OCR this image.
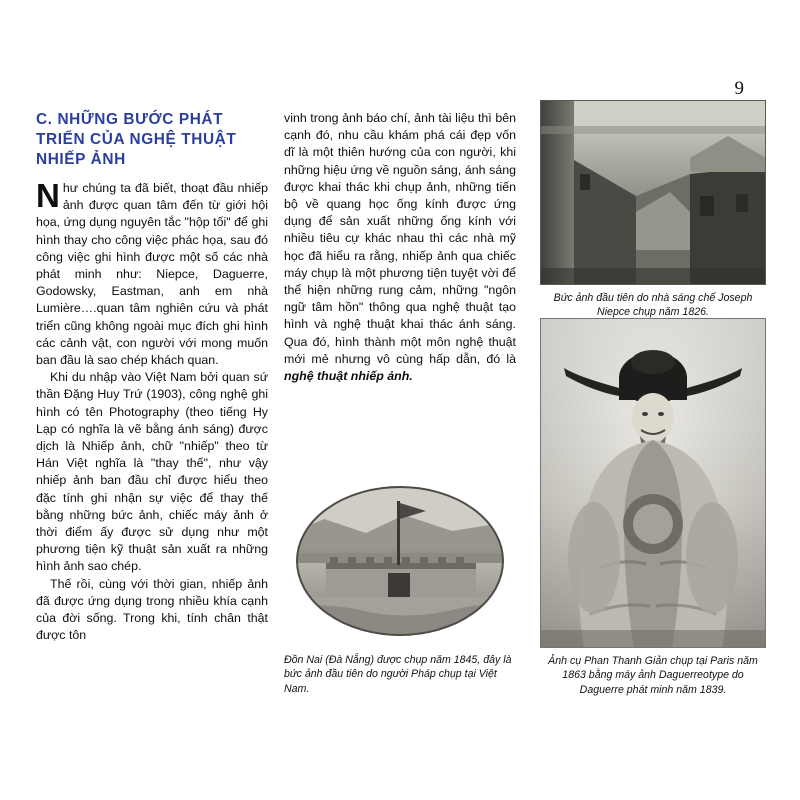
9
C. NHỮNG BƯỚC PHÁT TRIỂN CỦA NGHỆ THUẬT NHIẾP ẢNH

Như chúng ta đã biết, thoạt đầu nhiếp ảnh được quan tâm đến từ giới hội họa, ứng dụng nguyên tắc "hộp tối" để ghi hình thay cho công việc phác họa, sau đó công việc ghi hình được một số các nhà phát minh như: Niepce, Daguerre, Godowsky, Eastman, anh em nhà Lumière….quan tâm nghiên cứu và phát triển cũng không ngoài mục đích ghi hình các cảnh vật, con người với mong muốn ban đầu là sao chép khách quan.

Khi du nhập vào Việt Nam bởi quan sứ thần Đặng Huy Trứ (1903), công nghệ ghi hình có tên Photography (theo tiếng Hy Lạp có nghĩa là vẽ bằng ánh sáng) được dịch là Nhiếp ảnh, chữ "nhiếp" theo từ Hán Việt nghĩa là "thay thế", như vậy nhiếp ảnh ban đầu chỉ được hiểu theo đặc tính ghi nhận sự việc để thay thế bằng những bức ảnh, chiếc máy ảnh ở thời điểm ấy được sử dụng như một phương tiện kỹ thuật sản xuất ra những hình ảnh sao chép.

Thế rồi, cùng với thời gian, nhiếp ảnh đã được ứng dụng trong nhiều khía cạnh của đời sống. Trong khi, tính chân thật được tôn

vinh trong ảnh báo chí, ảnh tài liệu thì bên cạnh đó, nhu cầu khám phá cái đẹp vốn dĩ là một thiên hướng của con người, khi những hiệu ứng về nguồn sáng, ánh sáng được khai thác khi chụp ảnh, những tiến bộ về quang học ống kính được ứng dụng để sản xuất những ống kính với nhiều tiêu cự khác nhau thì các nhà mỹ học đã hiểu ra rằng, nhiếp ảnh qua chiếc máy chụp là một phương tiện tuyệt vời để thể hiện những rung cảm, những "ngôn ngữ tâm hồn" thông qua nghệ thuật tạo hình và nghệ thuật khai thác ánh sáng. Qua đó, hình thành một môn nghệ thuật mới mẻ nhưng vô cùng hấp dẫn, đó là nghệ thuật nhiếp ảnh.

Bức ảnh đầu tiên do nhà sáng chế Joseph Niepce chụp năm 1826.
Ảnh cụ Phan Thanh Giản chụp tại Paris năm 1863 bằng máy ảnh Daguerreotype do Daguerre phát minh năm 1839.
Đồn Nai (Đà Nẵng) được chụp năm 1845, đây là bức ảnh đầu tiên do người Pháp chụp tại Việt Nam.
